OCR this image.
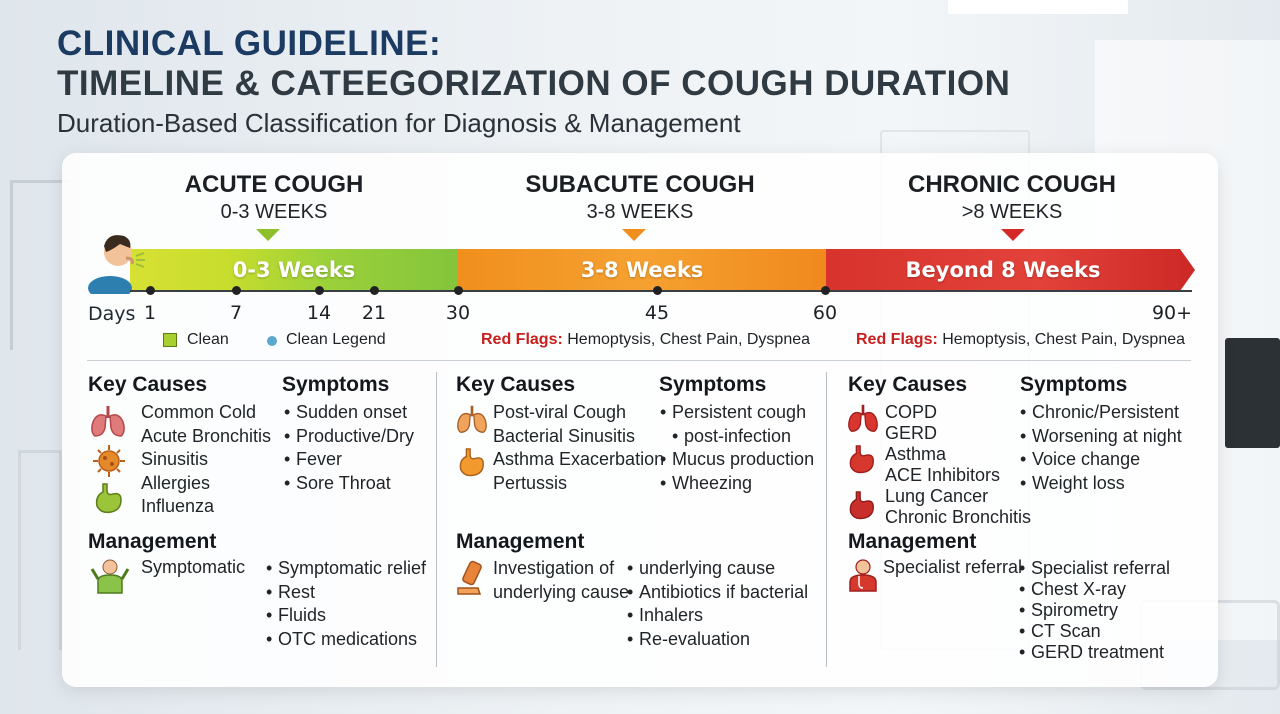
CLINICAL GUIDELINE:
TIMELINE & CATEEGORIZATION OF COUGH DURATION
Duration-Based Classification for Diagnosis & Management
ACUTE COUGH
0-3 WEEKS
SUBACUTE COUGH
3-8 WEEKS
CHRONIC COUGH
>8 WEEKS
0-3 Weeks	3-8 Weeks	Beyond 8 Weeks
Days 1	7	14 21	30	45	60	90+
Clean	Clean Legend	Red Flags: Hemoptysis, Chest Pain, Dyspnea	Red Flags: Hemoptysis, Chest Pain, Dyspnea
Key Causes	Symptoms
Common Cold
Acute Bronchitis
Sinusitis
Allergies
Influenza
• Sudden onset
• Productive/Dry
• Fever
• Sore Throat
Management
Symptomatic	• Symptomatic relief
• Rest
• Fluids
• OTC medications
Key Causes	Symptoms
Post-viral Cough
Bacterial Sinusitis
Asthma Exacerbation
Pertussis
• Persistent cough
• post-infection
• Mucus production
• Wheezing
Management
Investigation of
underlying cause
• underlying cause
• Antibiotics if bacterial
• Inhalers
• Re-evaluation
Key Causes	Symptoms
COPD
GERD
Asthma
ACE Inhibitors
Lung Cancer
Chronic Bronchitis
• Chronic/Persistent
• Worsening at night
• Voice change
• Weight loss
Management
Specialist referral • Specialist referral
• Chest X-ray
• Spirometry
• CT Scan
• GERD treatment
